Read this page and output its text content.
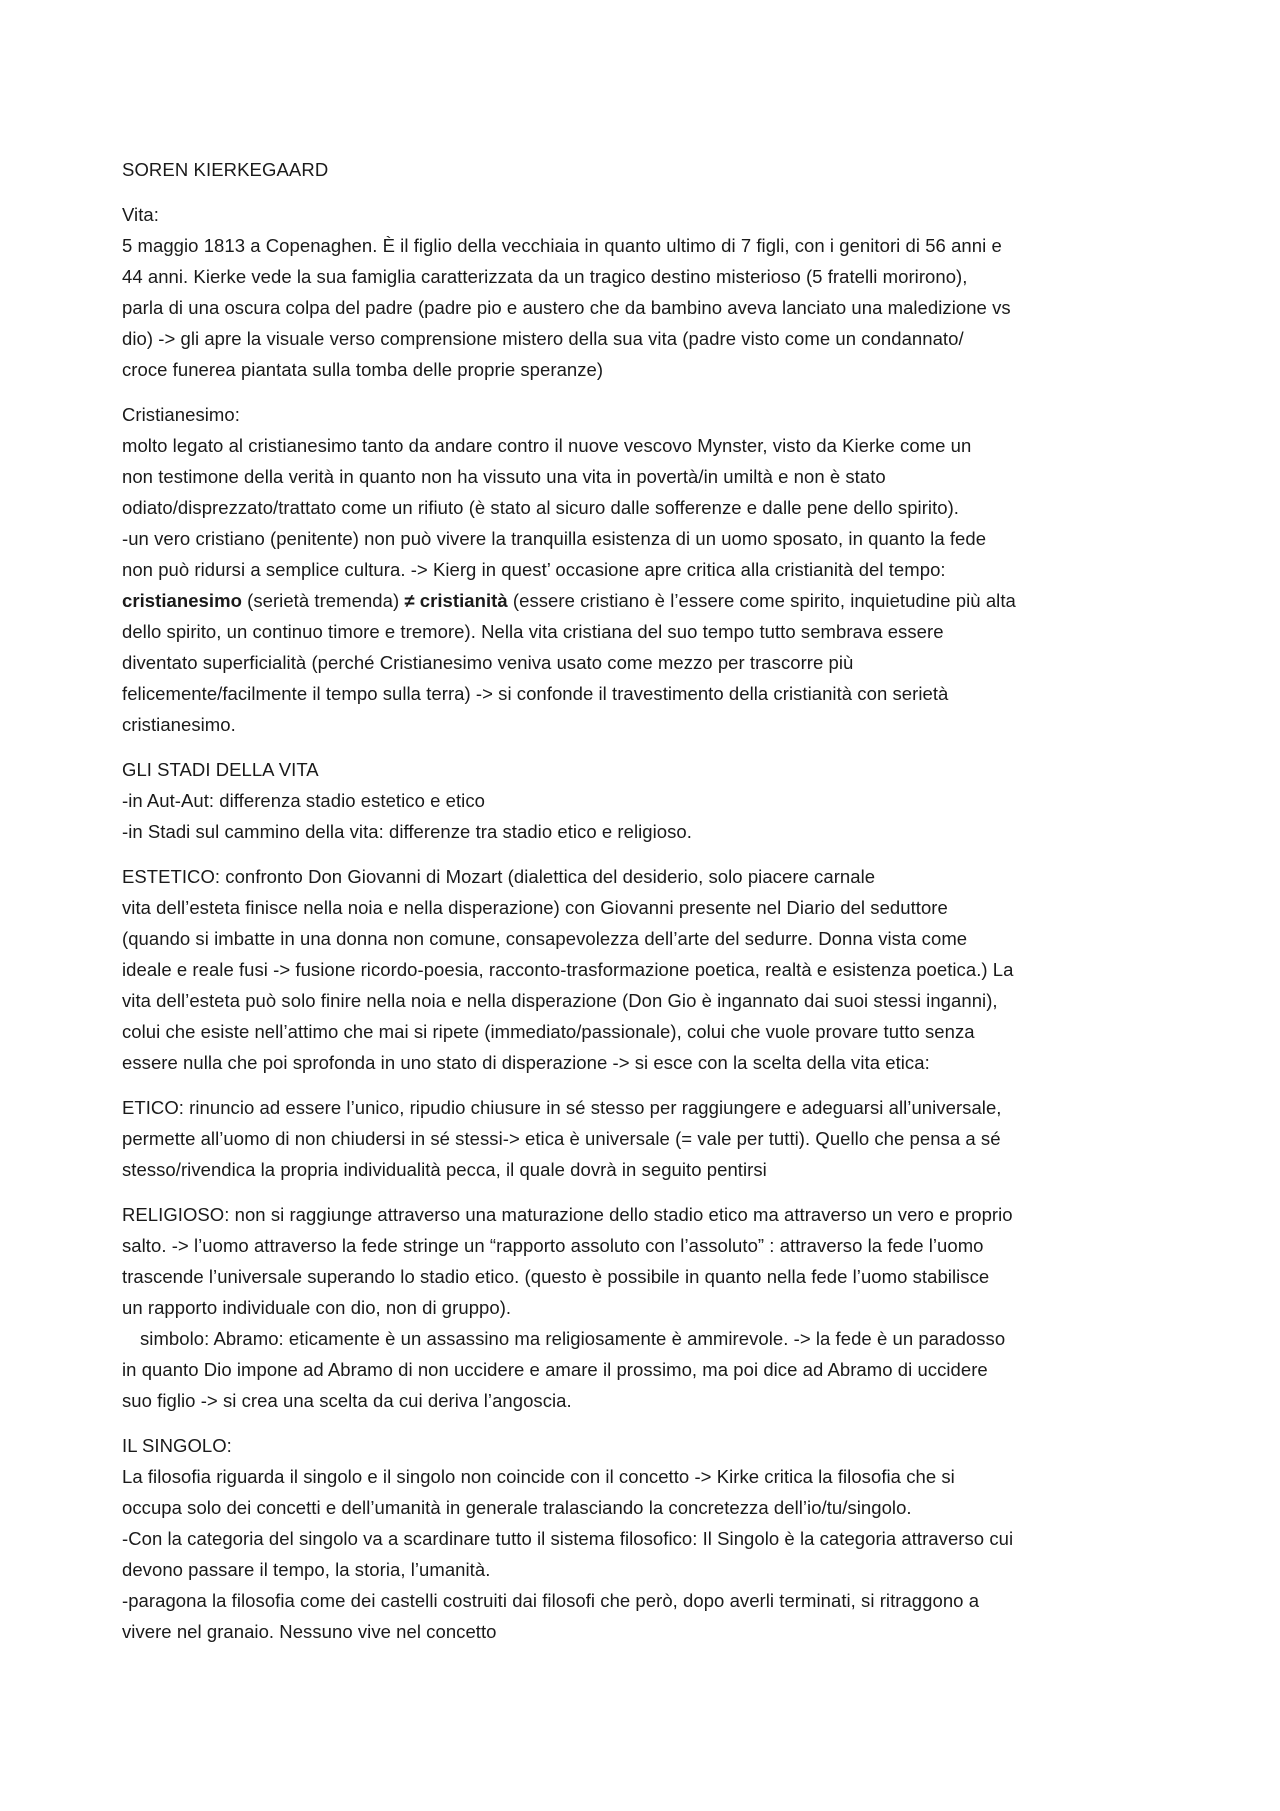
SOREN KIERKEGAARD
Vita:
5 maggio 1813 a Copenaghen. È il figlio della vecchiaia in quanto ultimo di 7 figli, con i genitori di 56 anni e
44 anni. Kierke vede la sua famiglia caratterizzata da un tragico destino misterioso (5 fratelli morirono),
parla di una oscura colpa del padre (padre pio e austero che da bambino aveva lanciato una maledizione vs
dio) -> gli apre la visuale verso comprensione mistero della sua vita (padre visto come un condannato/
croce funerea piantata sulla tomba delle proprie speranze)
Cristianesimo:
molto legato al cristianesimo tanto da andare contro il nuove vescovo Mynster, visto da Kierke come un
non testimone della verità in quanto non ha vissuto una vita in povertà/in umiltà e non è stato
odiato/disprezzato/trattato come un rifiuto (è stato al sicuro dalle sofferenze e dalle pene dello spirito).
-un vero cristiano (penitente) non può vivere la tranquilla esistenza di un uomo sposato, in quanto la fede
non può ridursi a semplice cultura. -> Kierg in quest’ occasione apre critica alla cristianità del tempo:
cristianesimo (serietà tremenda) ≠ cristianità (essere cristiano è l’essere come spirito, inquietudine più alta
dello spirito, un continuo timore e tremore). Nella vita cristiana del suo tempo tutto sembrava essere
diventato superficialità (perché Cristianesimo veniva usato come mezzo per trascorre più
felicemente/facilmente il tempo sulla terra) -> si confonde il travestimento della cristianità con serietà
cristianesimo.
GLI STADI DELLA VITA
-in Aut-Aut: differenza stadio estetico e etico
-in Stadi sul cammino della vita: differenze tra stadio etico e religioso.
ESTETICO: confronto Don Giovanni di Mozart (dialettica del desiderio, solo piacere carnale
vita dell’esteta finisce nella noia e nella disperazione) con Giovanni presente nel Diario del seduttore
(quando si imbatte in una donna non comune, consapevolezza dell’arte del sedurre. Donna vista come
ideale e reale fusi -> fusione ricordo-poesia, racconto-trasformazione poetica, realtà e esistenza poetica.) La
vita dell’esteta può solo finire nella noia e nella disperazione (Don Gio è ingannato dai suoi stessi inganni),
colui che esiste nell’attimo che mai si ripete (immediato/passionale), colui che vuole provare tutto senza
essere nulla che poi sprofonda in uno stato di disperazione -> si esce con la scelta della vita etica:
ETICO: rinuncio ad essere l’unico, ripudio chiusure in sé stesso per raggiungere e adeguarsi all’universale,
permette all’uomo di non chiudersi in sé stessi-> etica è universale (= vale per tutti). Quello che pensa a sé
stesso/rivendica la propria individualità pecca, il quale dovrà in seguito pentirsi
RELIGIOSO: non si raggiunge attraverso una maturazione dello stadio etico ma attraverso un vero e proprio
salto. -> l’uomo attraverso la fede stringe un “rapporto assoluto con l’assoluto” : attraverso la fede l’uomo
trascende l’universale superando lo stadio etico. (questo è possibile in quanto nella fede l’uomo stabilisce
un rapporto individuale con dio, non di gruppo).
simbolo: Abramo: eticamente è un assassino ma religiosamente è ammirevole. -> la fede è un paradosso
in quanto Dio impone ad Abramo di non uccidere e amare il prossimo, ma poi dice ad Abramo di uccidere
suo figlio -> si crea una scelta da cui deriva l’angoscia.
IL SINGOLO:
La filosofia riguarda il singolo e il singolo non coincide con il concetto -> Kirke critica la filosofia che si
occupa solo dei concetti e dell’umanità in generale tralasciando la concretezza dell’io/tu/singolo.
-Con la categoria del singolo va a scardinare tutto il sistema filosofico: Il Singolo è la categoria attraverso cui
devono passare il tempo, la storia, l’umanità.
-paragona la filosofia come dei castelli costruiti dai filosofi che però, dopo averli terminati, si ritraggono a
vivere nel granaio. Nessuno vive nel concetto
